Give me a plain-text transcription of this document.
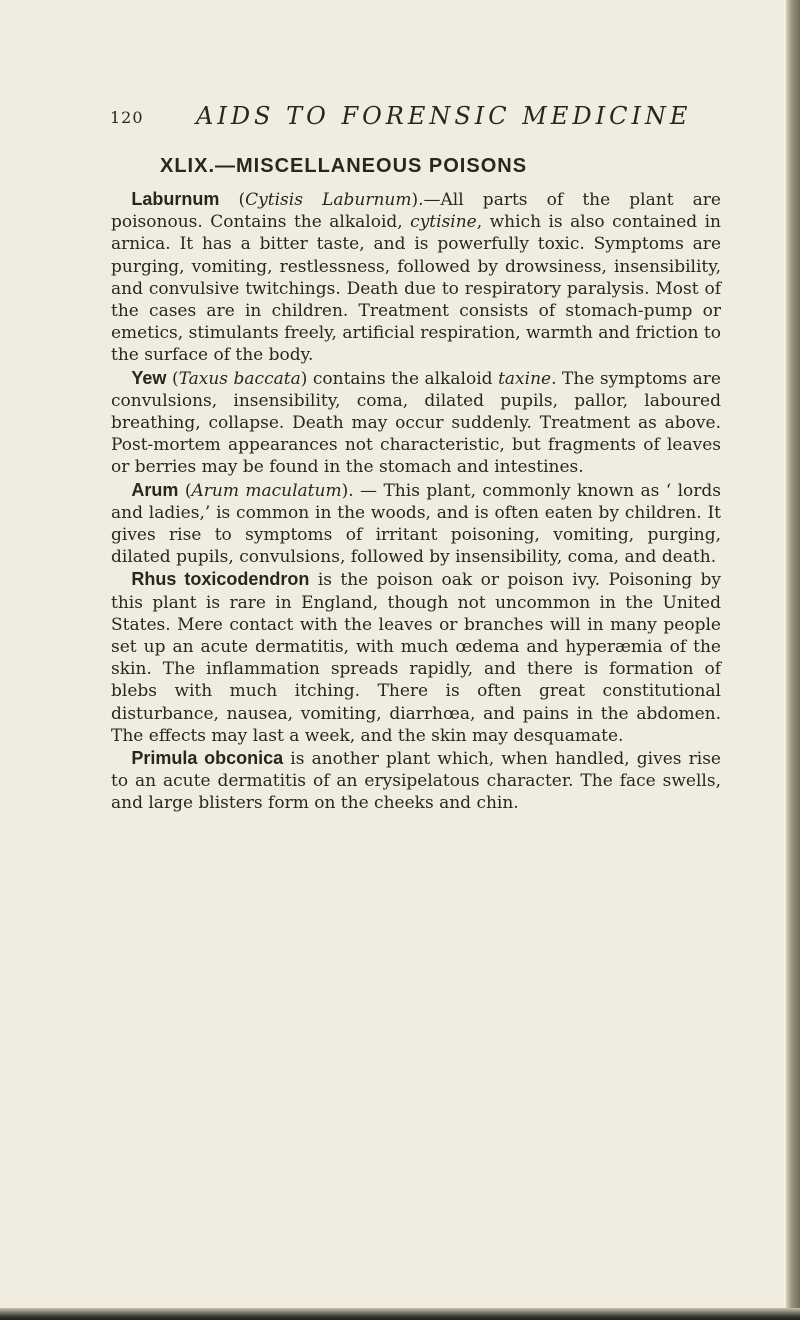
120 AIDS TO FORENSIC MEDICINE
XLIX.—MISCELLANEOUS POISONS

Laburnum (Cytisis Laburnum).—All parts of the plant are poisonous. Contains the alkaloid, cytisine, which is also contained in arnica. It has a bitter taste, and is powerfully toxic. Symptoms are purging, vomiting, restlessness, followed by drowsiness, insensibility, and convulsive twitchings. Death due to respiratory paralysis. Most of the cases are in children. Treatment consists of stomach-pump or emetics, stimulants freely, artificial respiration, warmth and friction to the surface of the body.

Yew (Taxus baccata) contains the alkaloid taxine. The symptoms are convulsions, insensibility, coma, dilated pupils, pallor, laboured breathing, collapse. Death may occur suddenly. Treatment as above. Post-mortem appearances not characteristic, but fragments of leaves or berries may be found in the stomach and intestines.

Arum (Arum maculatum). — This plant, commonly known as ‘ lords and ladies,’ is common in the woods, and is often eaten by children. It gives rise to symptoms of irritant poisoning, vomiting, purging, dilated pupils, convulsions, followed by insensibility, coma, and death.

Rhus toxicodendron is the poison oak or poison ivy. Poisoning by this plant is rare in England, though not uncommon in the United States. Mere contact with the leaves or branches will in many people set up an acute dermatitis, with much œdema and hyperæmia of the skin. The inflammation spreads rapidly, and there is formation of blebs with much itching. There is often great constitutional disturbance, nausea, vomiting, diarrhœa, and pains in the abdomen. The effects may last a week, and the skin may desquamate.

Primula obconica is another plant which, when handled, gives rise to an acute dermatitis of an erysipelatous character. The face swells, and large blisters form on the cheeks and chin.
